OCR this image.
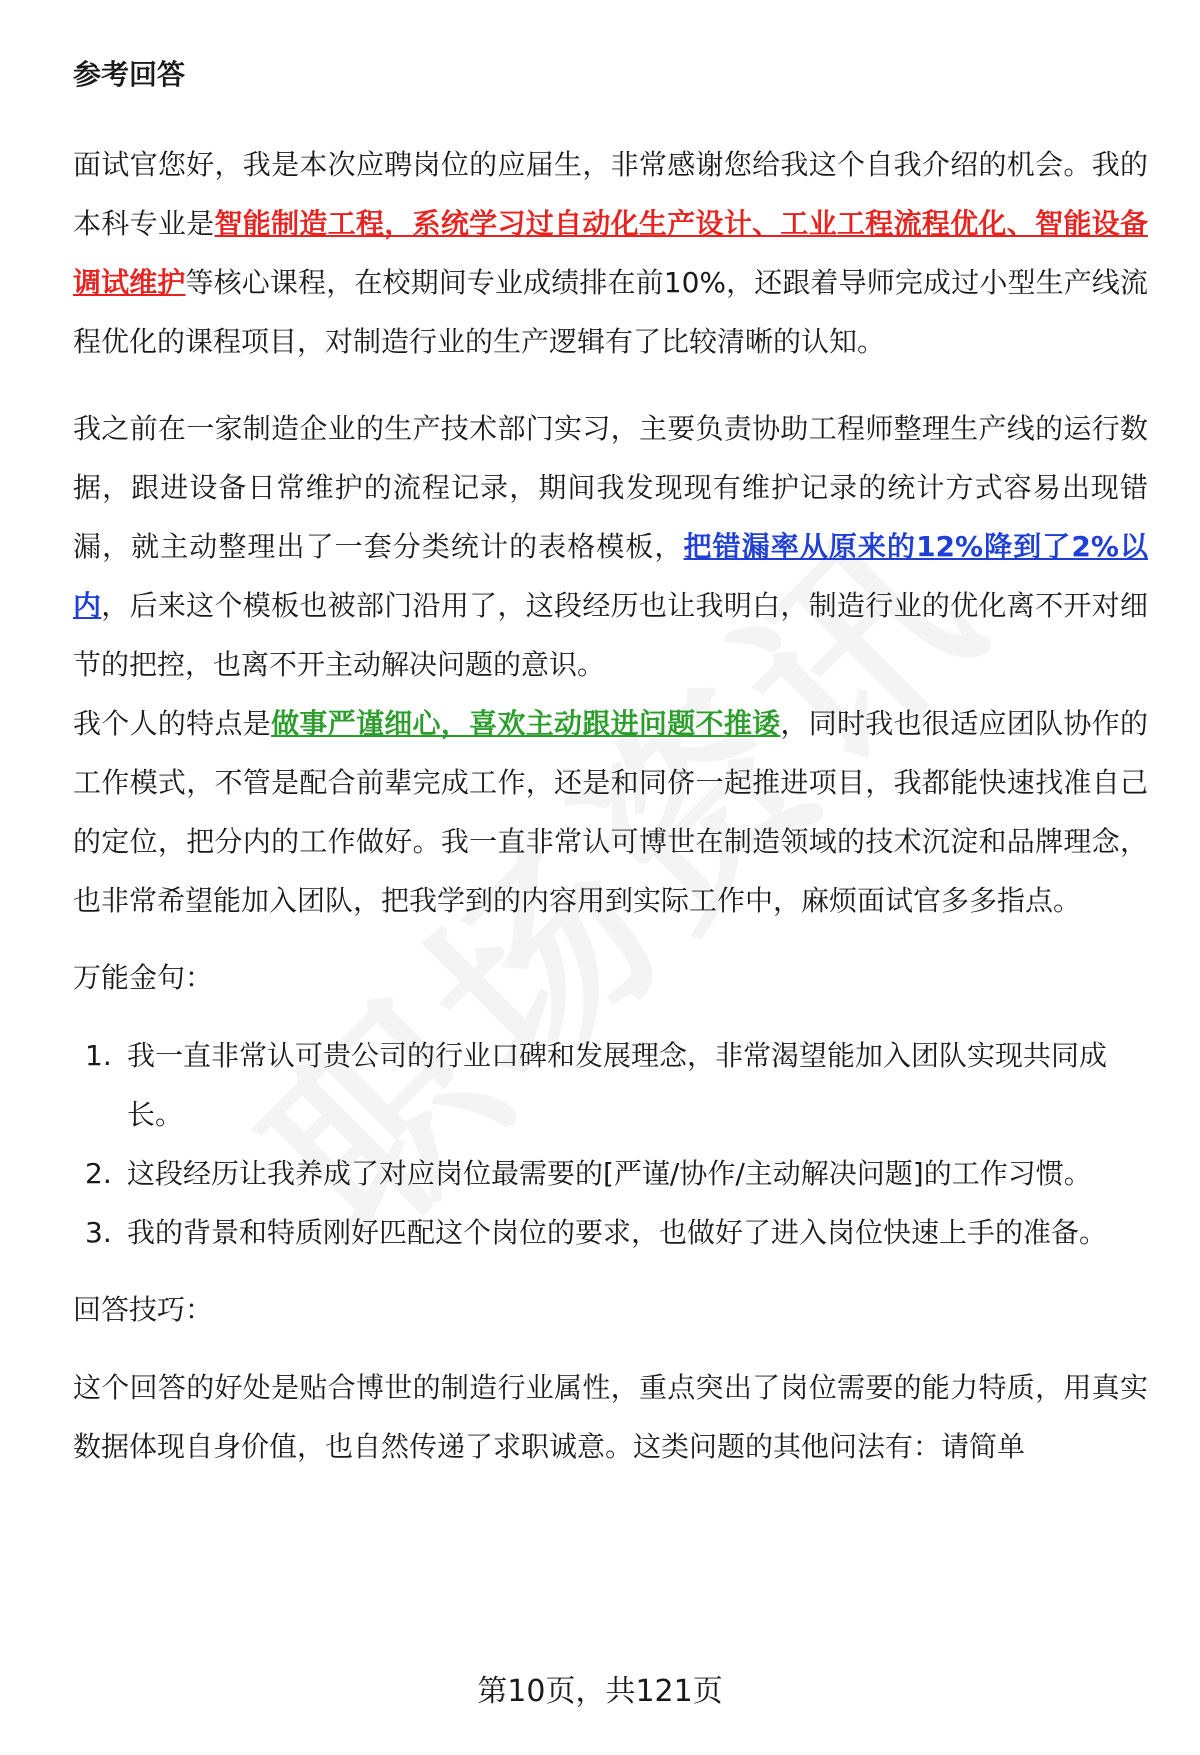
参考回答

面试官您好，我是本次应聘岗位的应届生，非常感谢您给我这个自我介绍的机会。我的本科专业是智能制造工程，系统学习过自动化生产设计、工业工程流程优化、智能设备调试维护等核心课程，在校期间专业成绩排在前10%，还跟着导师完成过小型生产线流程优化的课程项目，对制造行业的生产逻辑有了比较清晰的认知。

我之前在一家制造企业的生产技术部门实习，主要负责协助工程师整理生产线的运行数据，跟进设备日常维护的流程记录，期间我发现现有维护记录的统计方式容易出现错漏，就主动整理出了一套分类统计的表格模板，把错漏率从原来的12%降到了2%以内，后来这个模板也被部门沿用了，这段经历也让我明白，制造行业的优化离不开对细节的把控，也离不开主动解决问题的意识。

我个人的特点是做事严谨细心，喜欢主动跟进问题不推诿，同时我也很适应团队协作的工作模式，不管是配合前辈完成工作，还是和同侪一起推进项目，我都能快速找准自己的定位，把分内的工作做好。我一直非常认可博世在制造领域的技术沉淀和品牌理念，也非常希望能加入团队，把我学到的内容用到实际工作中，麻烦面试官多多指点。

万能金句：

1. 我一直非常认可贵公司的行业口碑和发展理念，非常渴望能加入团队实现共同成长。
2. 这段经历让我养成了对应岗位最需要的[严谨/协作/主动解决问题]的工作习惯。
3. 我的背景和特质刚好匹配这个岗位的要求，也做好了进入岗位快速上手的准备。

回答技巧：

这个回答的好处是贴合博世的制造行业属性，重点突出了岗位需要的能力特质，用真实数据体现自身价值，也自然传递了求职诚意。这类问题的其他问法有：请简单

第10页，共121页
